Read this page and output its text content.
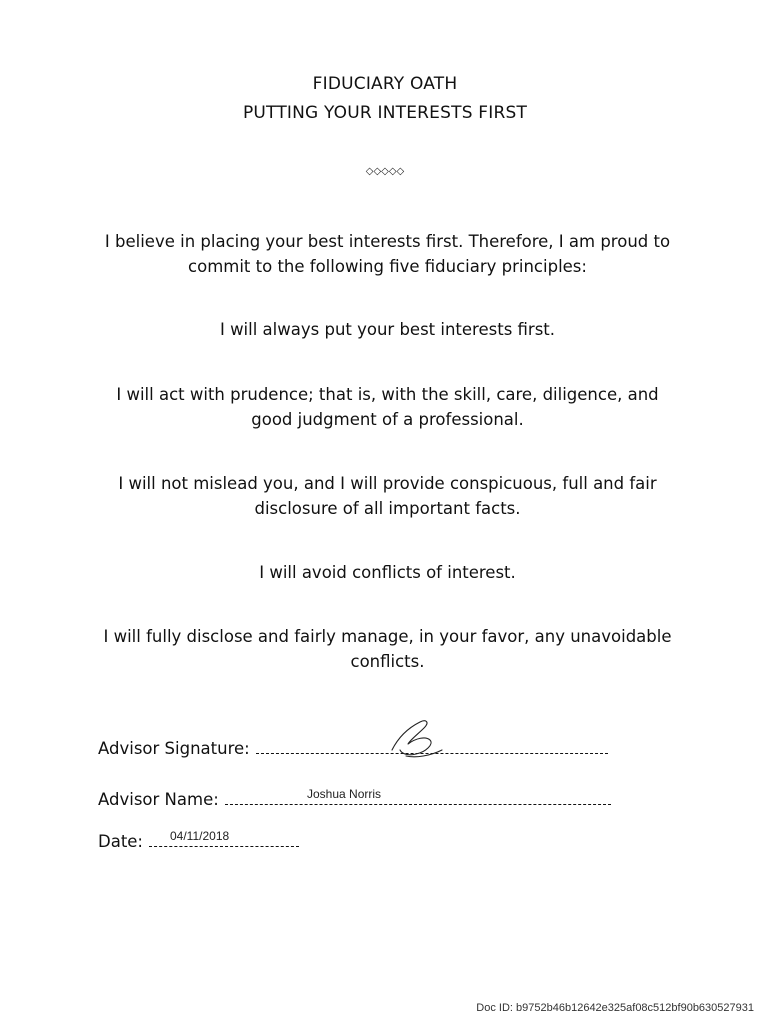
FIDUCIARY OATH
PUTTING YOUR INTERESTS FIRST
◇◇◇◇◇
I believe in placing your best interests first. Therefore, I am proud to commit to the following five fiduciary principles:
I will always put your best interests first.
I will act with prudence; that is, with the skill, care, diligence, and good judgment of a professional.
I will not mislead you, and I will provide conspicuous, full and fair disclosure of all important facts.
I will avoid conflicts of interest.
I will fully disclose and fairly manage, in your favor, any unavoidable conflicts.
Advisor Signature:
Advisor Name:	Joshua Norris
Date:	04/11/2018
Doc ID: b9752b46b12642e325af08c512bf90b630527931
